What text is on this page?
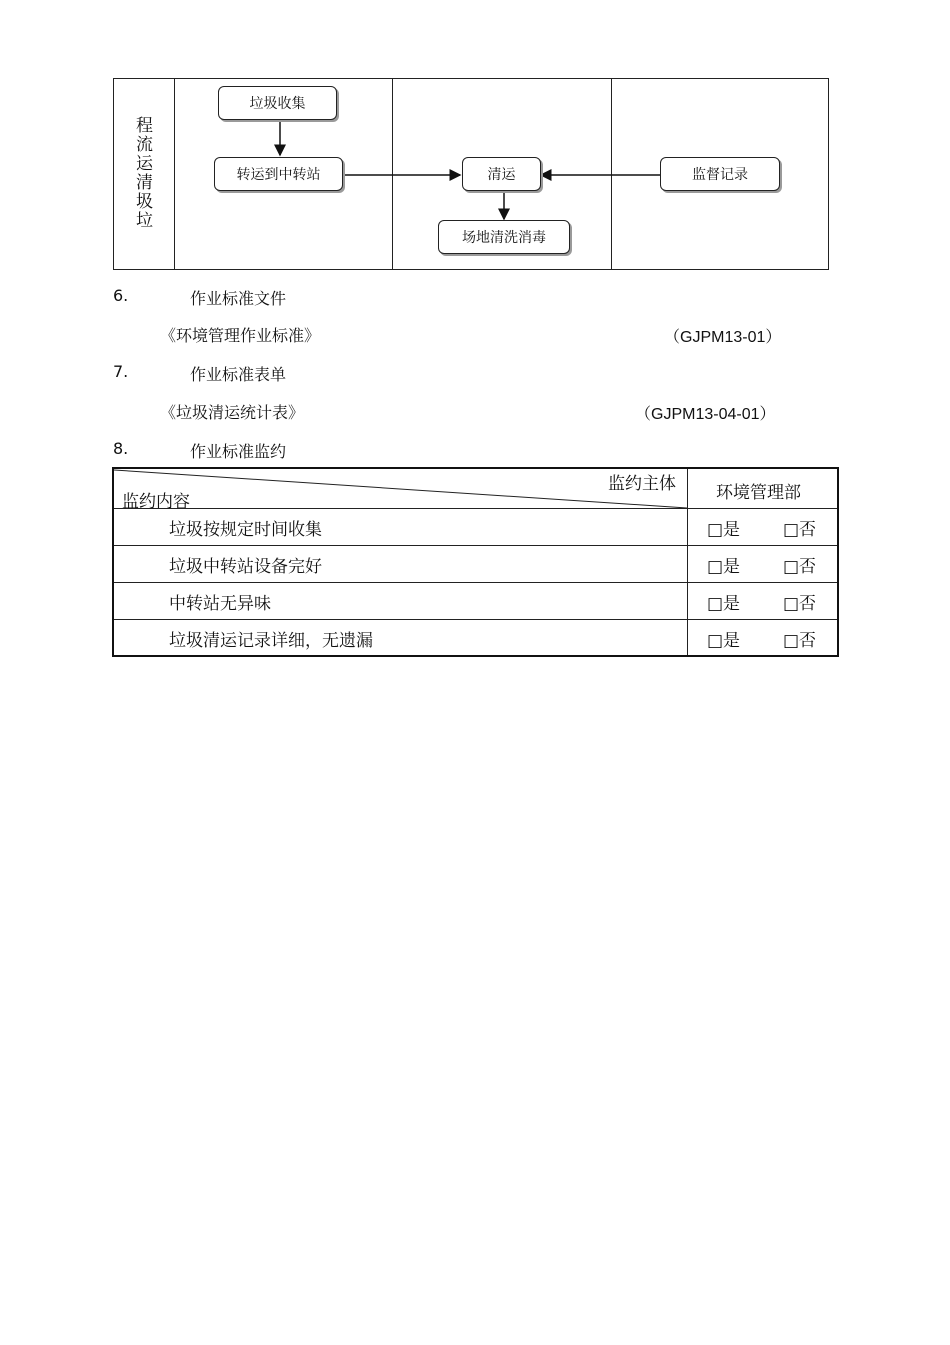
程流运清圾垃
垃圾收集
转运到中转站	清运
场地清洗消毒
监督记录
6.	作业标准文件
《环境管理作业标准》	（GJPM13-01）
7.	作业标准表单
《垃圾清运统计表》	（GJPM13-04-01）
8.	作业标准监约
监约主体
监约内容	环境管理部
垃圾按规定时间收集	□是	□否
垃圾中转站设备完好	□是	□否
中转站无异味	□是	□否
垃圾清运记录详细，无遗漏	□是	□否
